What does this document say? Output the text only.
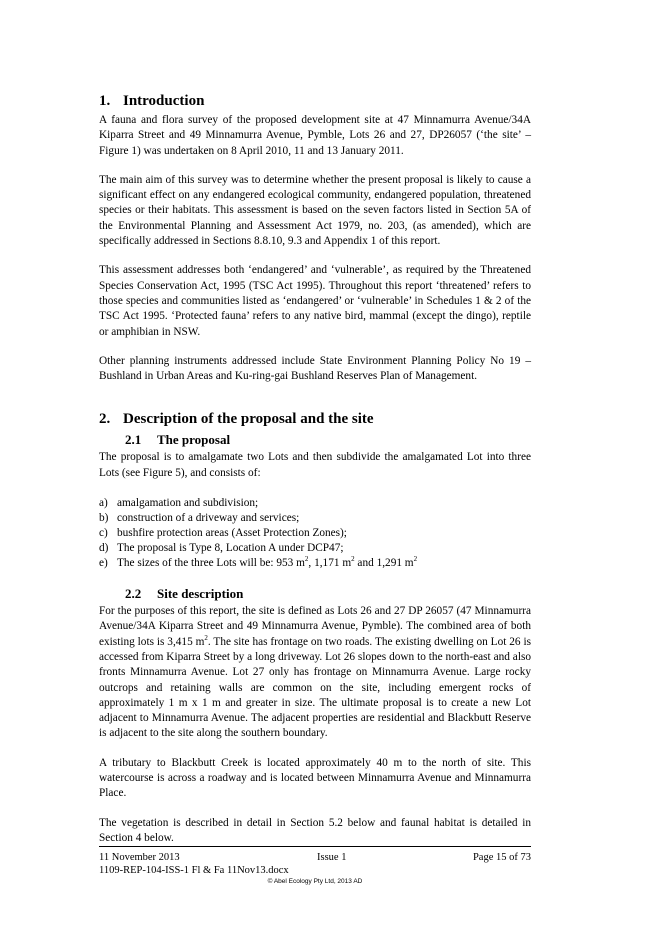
1. Introduction

A fauna and flora survey of the proposed development site at 47 Minnamurra Avenue/34A Kiparra Street and 49 Minnamurra Avenue, Pymble, Lots 26 and 27, DP26057 (‘the site’ – Figure 1) was undertaken on 8 April 2010, 11 and 13 January 2011.

The main aim of this survey was to determine whether the present proposal is likely to cause a significant effect on any endangered ecological community, endangered population, threatened species or their habitats. This assessment is based on the seven factors listed in Section 5A of the Environmental Planning and Assessment Act 1979, no. 203, (as amended), which are specifically addressed in Sections 8.8.10, 9.3 and Appendix 1 of this report.

This assessment addresses both ‘endangered’ and ‘vulnerable’, as required by the Threatened Species Conservation Act, 1995 (TSC Act 1995). Throughout this report ‘threatened’ refers to those species and communities listed as ‘endangered’ or ‘vulnerable’ in Schedules 1 & 2 of the TSC Act 1995. ‘Protected fauna’ refers to any native bird, mammal (except the dingo), reptile or amphibian in NSW.

Other planning instruments addressed include State Environment Planning Policy No 19 – Bushland in Urban Areas and Ku-ring-gai Bushland Reserves Plan of Management.

2. Description of the proposal and the site
2.1 The proposal

The proposal is to amalgamate two Lots and then subdivide the amalgamated Lot into three Lots (see Figure 5), and consists of:

a) amalgamation and subdivision;
b) construction of a driveway and services;
c) bushfire protection areas (Asset Protection Zones);
d) The proposal is Type 8, Location A under DCP47;
e) The sizes of the three Lots will be: 953 $m^2$, 1,171 $m^2$ and 1,291 $m^2$
2.2 Site description

For the purposes of this report, the site is defined as Lots 26 and 27 DP 26057 (47 Minnamurra Avenue/34A Kiparra Street and 49 Minnamurra Avenue, Pymble). The combined area of both existing lots is 3,415 $m^2$. The site has frontage on two roads. The existing dwelling on Lot 26 is accessed from Kiparra Street by a long driveway. Lot 26 slopes down to the north-east and also fronts Minnamurra Avenue. Lot 27 only has frontage on Minnamurra Avenue. Large rocky outcrops and retaining walls are common on the site, including emergent rocks of approximately 1 m x 1 m and greater in size. The ultimate proposal is to create a new Lot adjacent to Minnamurra Avenue. The adjacent properties are residential and Blackbutt Reserve is adjacent to the site along the southern boundary.

A tributary to Blackbutt Creek is located approximately 40 m to the north of site. This watercourse is across a roadway and is located between Minnamurra Avenue and Minnamurra Place.

The vegetation is described in detail in Section 5.2 below and faunal habitat is detailed in Section 4 below.

11 November 2013	Issue 1	Page 15 of 73
1109-REP-104-ISS-1 Fl & Fa 11Nov13.docx
© Abel Ecology Pty Ltd, 2013 AD
